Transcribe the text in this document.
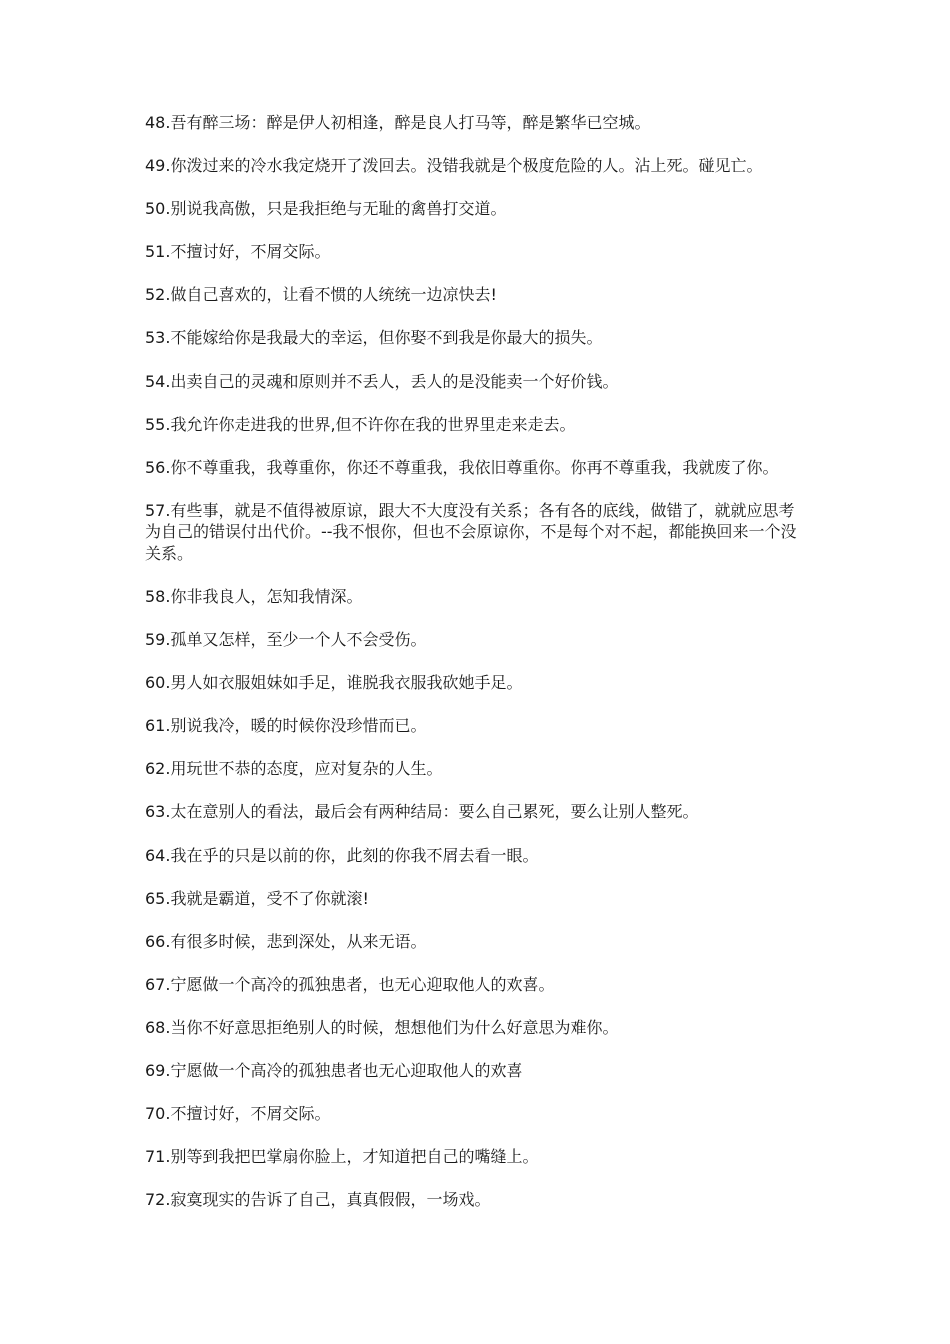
48.吾有醉三场：醉是伊人初相逢，醉是良人打马等，醉是繁华已空城。

49.你泼过来的冷水我定烧开了泼回去。没错我就是个极度危险的人。沾上死。碰见亡。

50.别说我高傲，只是我拒绝与无耻的禽兽打交道。

51.不擅讨好，不屑交际。

52.做自己喜欢的，让看不惯的人统统一边凉快去!

53.不能嫁给你是我最大的幸运，但你娶不到我是你最大的损失。

54.出卖自己的灵魂和原则并不丢人，丢人的是没能卖一个好价钱。

55.我允许你走进我的世界,但不许你在我的世界里走来走去。

56.你不尊重我，我尊重你，你还不尊重我，我依旧尊重你。你再不尊重我，我就废了你。

57.有些事，就是不值得被原谅，跟大不大度没有关系；各有各的底线，做错了，就就应思考为自己的错误付出代价。--我不恨你，但也不会原谅你，不是每个对不起，都能换回来一个没关系。

58.你非我良人，怎知我情深。

59.孤单又怎样，至少一个人不会受伤。

60.男人如衣服姐妹如手足，谁脱我衣服我砍她手足。

61.别说我冷，暖的时候你没珍惜而已。

62.用玩世不恭的态度，应对复杂的人生。

63.太在意别人的看法，最后会有两种结局：要么自己累死，要么让别人整死。

64.我在乎的只是以前的你，此刻的你我不屑去看一眼。

65.我就是霸道，受不了你就滚!

66.有很多时候，悲到深处，从来无语。

67.宁愿做一个高冷的孤独患者，也无心迎取他人的欢喜。

68.当你不好意思拒绝别人的时候，想想他们为什么好意思为难你。

69.宁愿做一个高冷的孤独患者也无心迎取他人的欢喜

70.不擅讨好，不屑交际。

71.别等到我把巴掌扇你脸上，才知道把自己的嘴缝上。

72.寂寞现实的告诉了自己，真真假假，一场戏。
